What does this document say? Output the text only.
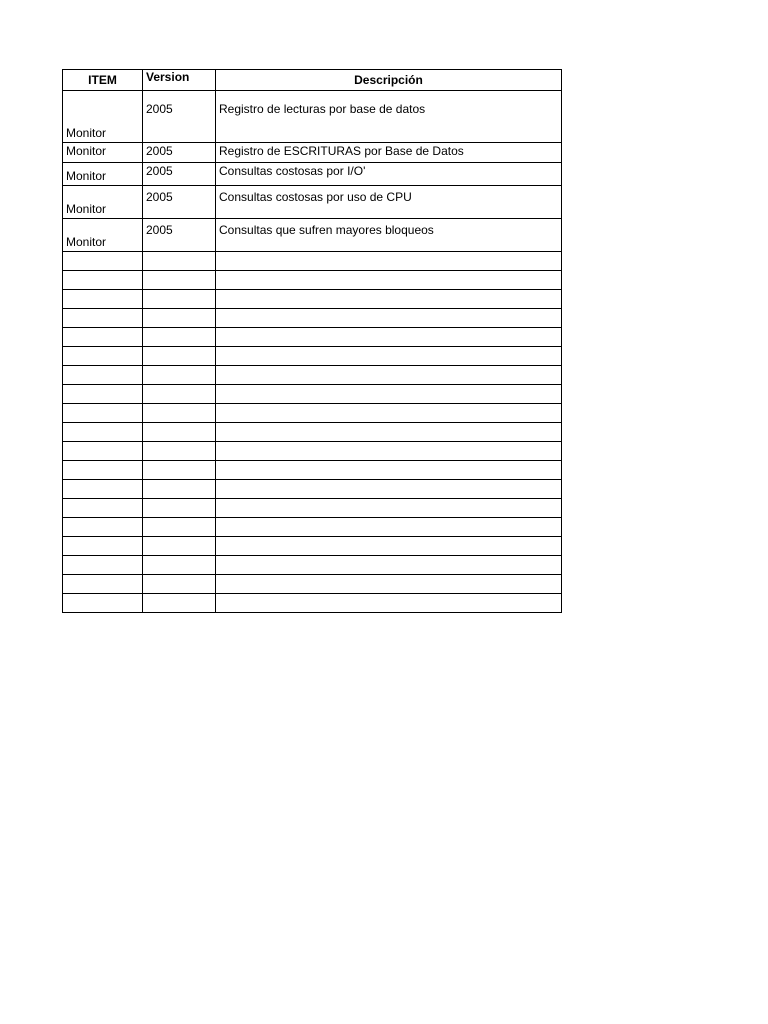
ITEM	Version	Descripción
Monitor	2005	Registro de lecturas por base de datos
Monitor	2005	Registro de ESCRITURAS por Base de Datos
Monitor	2005	Consultas costosas por I/O'
Monitor	2005	Consultas costosas por uso de CPU
Monitor	2005	Consultas que sufren mayores bloqueos
